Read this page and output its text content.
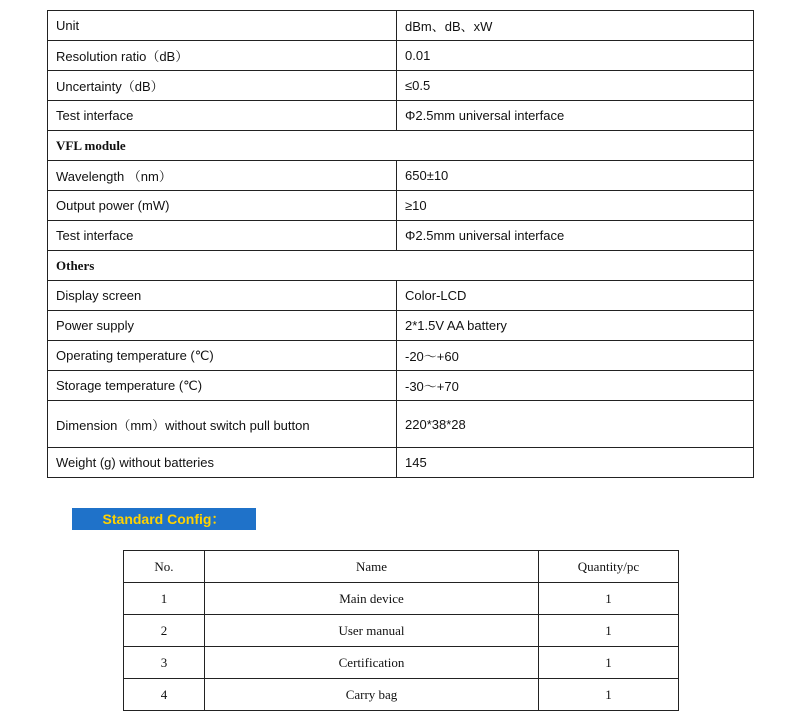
Unit	dBm、dB、xW
Resolution ratio（dB）	0.01
Uncertainty（dB）	≤0.5
Test interface	Φ2.5mm universal interface
VFL module	
Wavelength （nm）	650±10
Output power (mW)	≥10
Test interface	Φ2.5mm universal interface
Others	
Display screen	Color-LCD
Power supply	2*1.5V AA battery
Operating temperature (℃)	-20～+60
Storage temperature (℃)	-30～+70
Dimension（mm）without switch pull button	220*38*28
Weight (g) without batteries	145
Standard Config：
No.	Name	Quantity/pc
1	Main device	1
2	User manual	1
3	Certification	1
4	Carry bag	1
